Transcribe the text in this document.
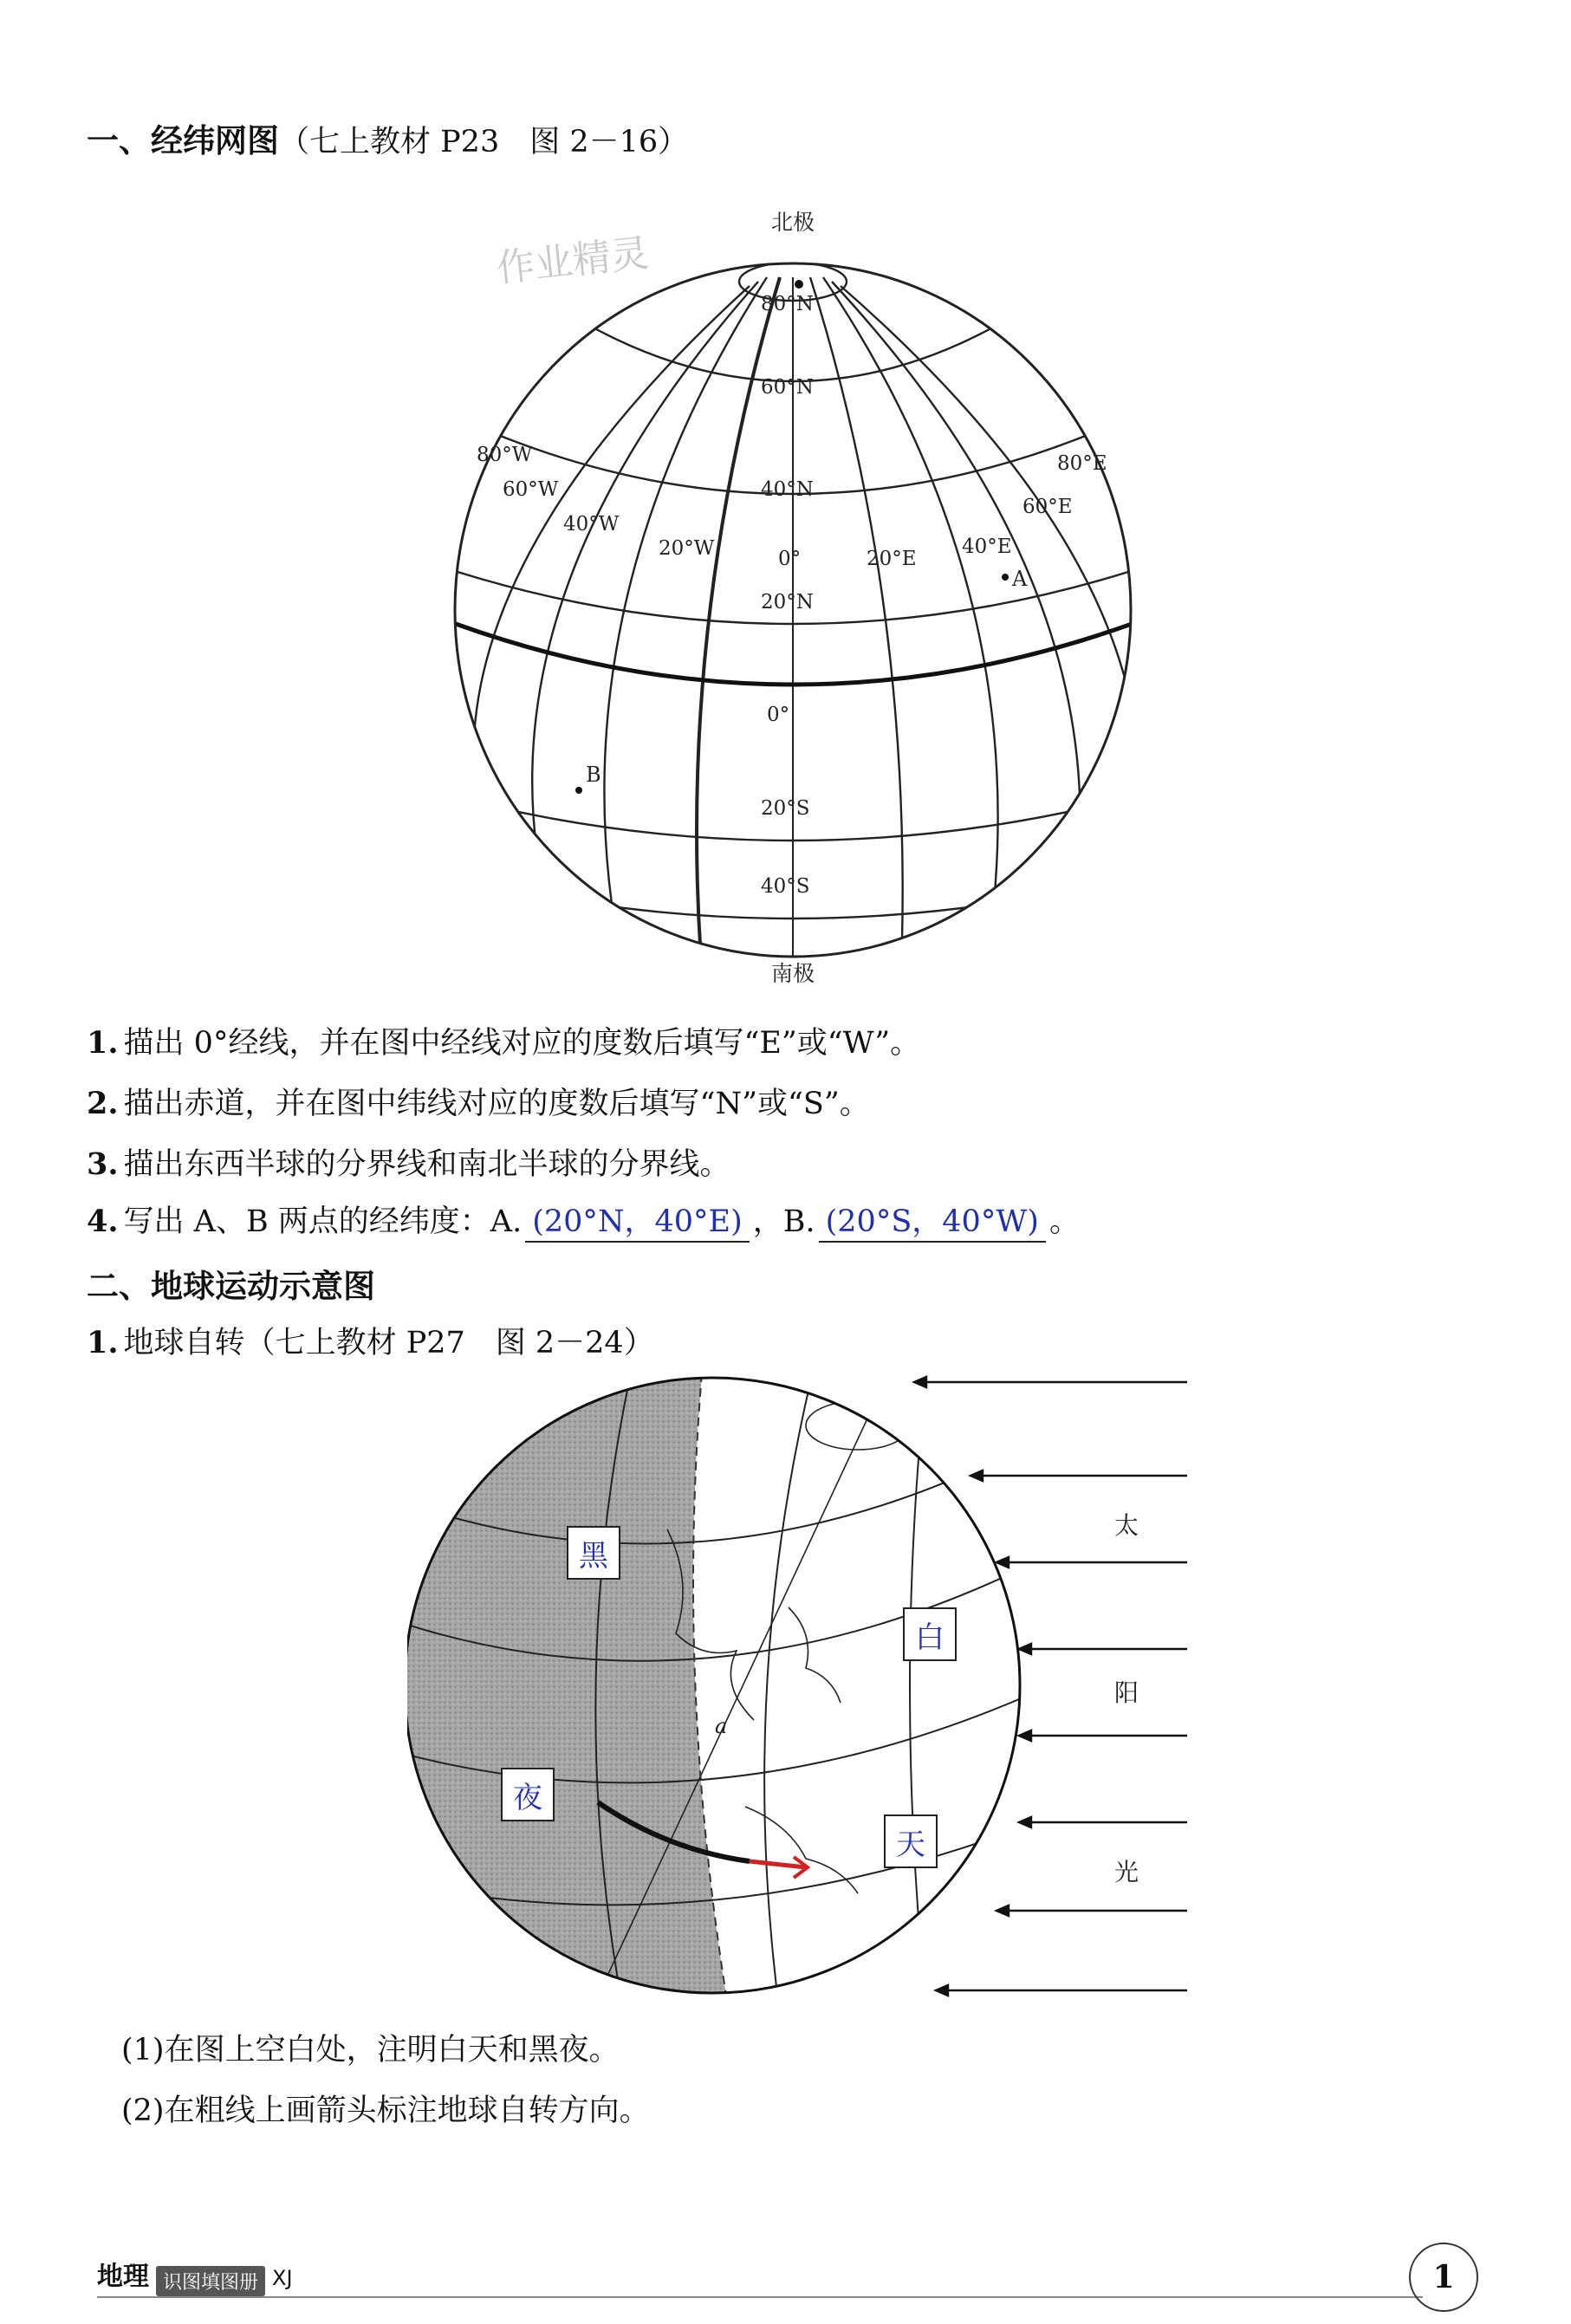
一、经纬网图（七上教材 P23　图 2－16）
北极
南极
作业精灵
80°N
60°N
40°N
20°N
0°
20°S
40°S
80°W
60°W
40°W
20°W	0°	20°E
40°E
60°E
80°E
A
B
1. 描出 0°经线，并在图中经线对应的度数后填写“E”或“W”。
2. 描出赤道，并在图中纬线对应的度数后填写“N”或“S”。
3. 描出东西半球的分界线和南北半球的分界线。
4. 写出 A、B 两点的经纬度：A. (20°N，40°E) ，B. (20°S，40°W) 。
二、地球运动示意图
1. 地球自转（七上教材 P27　图 2－24）
a
太
阳
光
黑
夜
白
天
(1)在图上空白处，注明白天和黑夜。
(2)在粗线上画箭头标注地球自转方向。
地理 识图填图册 XJ	1
